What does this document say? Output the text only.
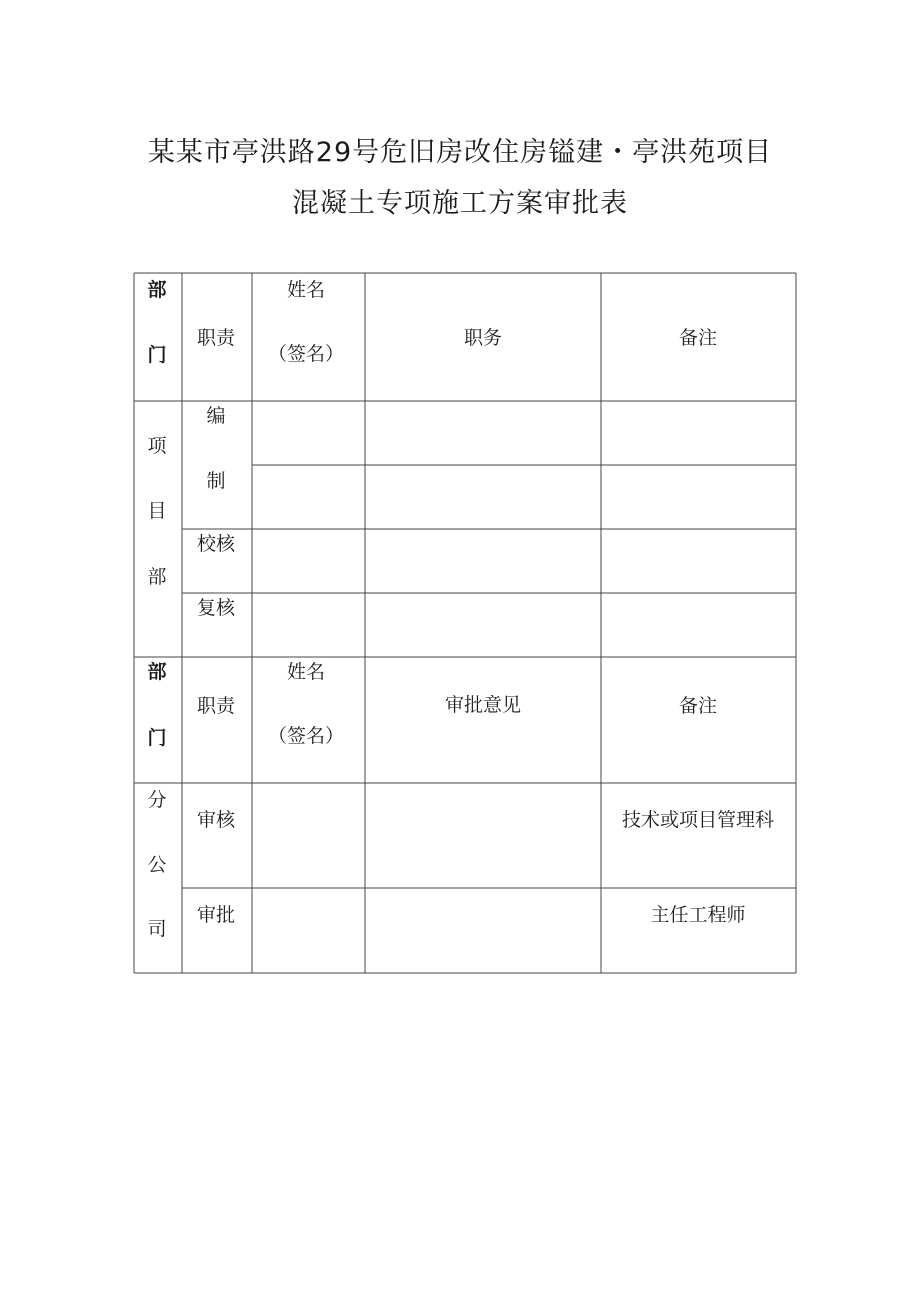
某某市亭洪路29号危旧房改住房镒建・亭洪苑项目
混凝土专项施工方案审批表
部
门
职责
姓名
（签名）
职务	备注
项
目
部
编
制
校核
复核
部
门
职责
姓名
（签名）
审批意见	备注
分
公
司
审核
审批
技术或项目管理科
主任工程师
